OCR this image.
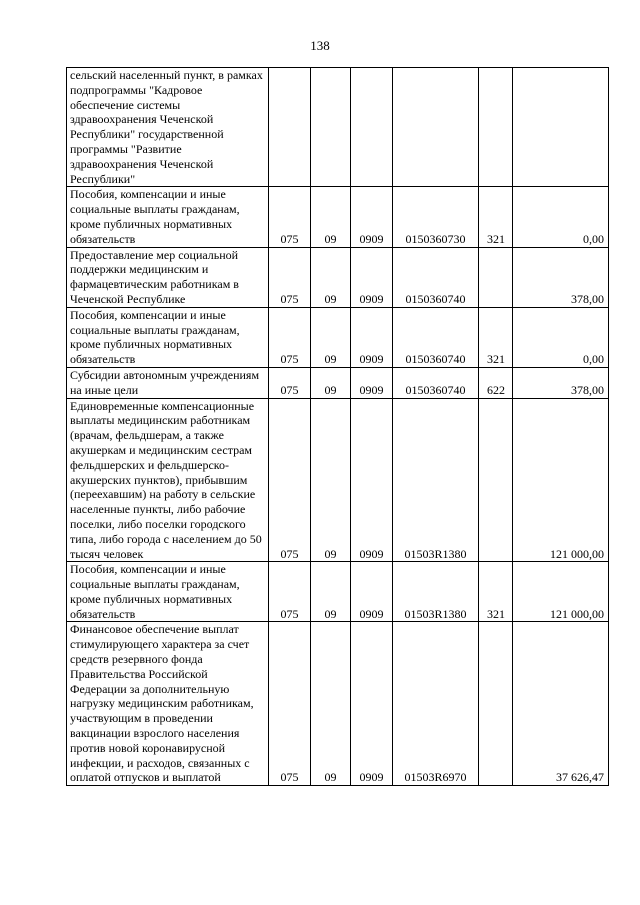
138
сельский населенный пункт, в рамках подпрограммы "Кадровое обеспечение системы здравоохранения Чеченской Республики" государственной программы "Развитие здравоохранения Чеченской Республики"						
Пособия, компенсации и иные социальные выплаты гражданам, кроме публичных нормативных обязательств	075	09	0909	0150360730	321	0,00
Предоставление мер социальной поддержки медицинским и фармацевтическим работникам в Чеченской Республике	075	09	0909	0150360740		378,00
Пособия, компенсации и иные социальные выплаты гражданам, кроме публичных нормативных обязательств	075	09	0909	0150360740	321	0,00
Субсидии автономным учреждениям на иные цели	075	09	0909	0150360740	622	378,00
Единовременные компенсационные выплаты медицинским работникам (врачам, фельдшерам, а также акушеркам и медицинским сестрам фельдшерских и фельдшерско-акушерских пунктов), прибывшим (переехавшим) на работу в сельские населенные пункты, либо рабочие поселки, либо поселки городского типа, либо города с населением до 50 тысяч человек	075	09	0909	01503R1380		121 000,00
Пособия, компенсации и иные социальные выплаты гражданам, кроме публичных нормативных обязательств	075	09	0909	01503R1380	321	121 000,00
Финансовое обеспечение выплат стимулирующего характера за счет средств резервного фонда Правительства Российской Федерации за дополнительную нагрузку медицинским работникам, участвующим в проведении вакцинации взрослого населения против новой коронавирусной инфекции, и расходов, связанных с оплатой отпусков и выплатой	075	09	0909	01503R6970		37 626,47
